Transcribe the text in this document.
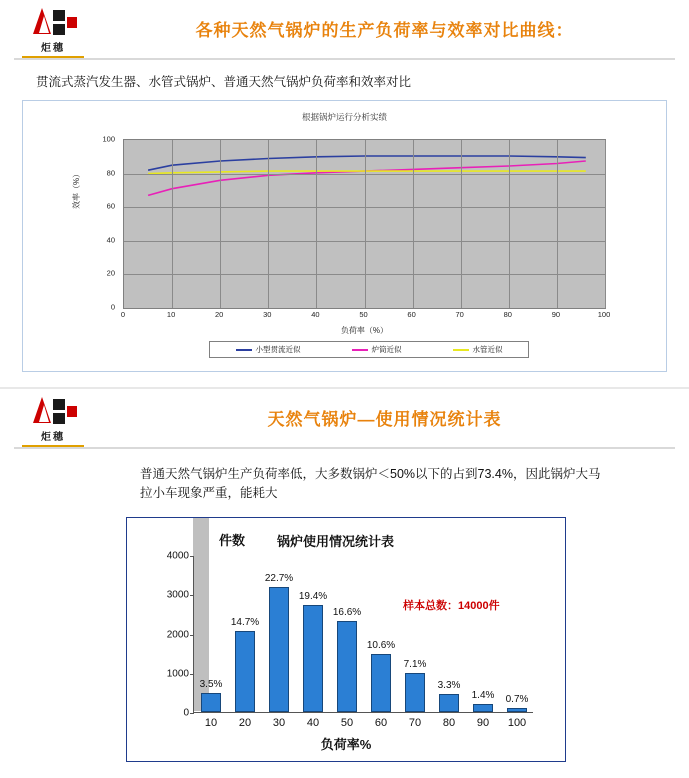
炬穗
各种天然气锅炉的生产负荷率与效率对比曲线：
贯流式蒸汽发生器、水管式锅炉、普通天然气锅炉负荷率和效率对比
根据锅炉运行分析实绩
效率（%）
负荷率（%）
小型贯流近似	炉筒近似	水管近似
0	10	20	30	40	50	60	70	80	90	100
0
20
40
60
80
100
炬穗
天然气锅炉—使用情况统计表
普通天然气锅炉生产负荷率低，大多数锅炉＜50%以下的占到73.4%，因此锅炉大马拉小车现象严重，能耗大
件数 锅炉使用情况统计表
样本总数：14000件
0
1000
2000
3000
4000
3.5%
10
14.7%
20
22.7%
30
19.4%
40
16.6%
50
10.6%
60
7.1%
70
3.3%
80
1.4%
90
0.7%
100
负荷率%
